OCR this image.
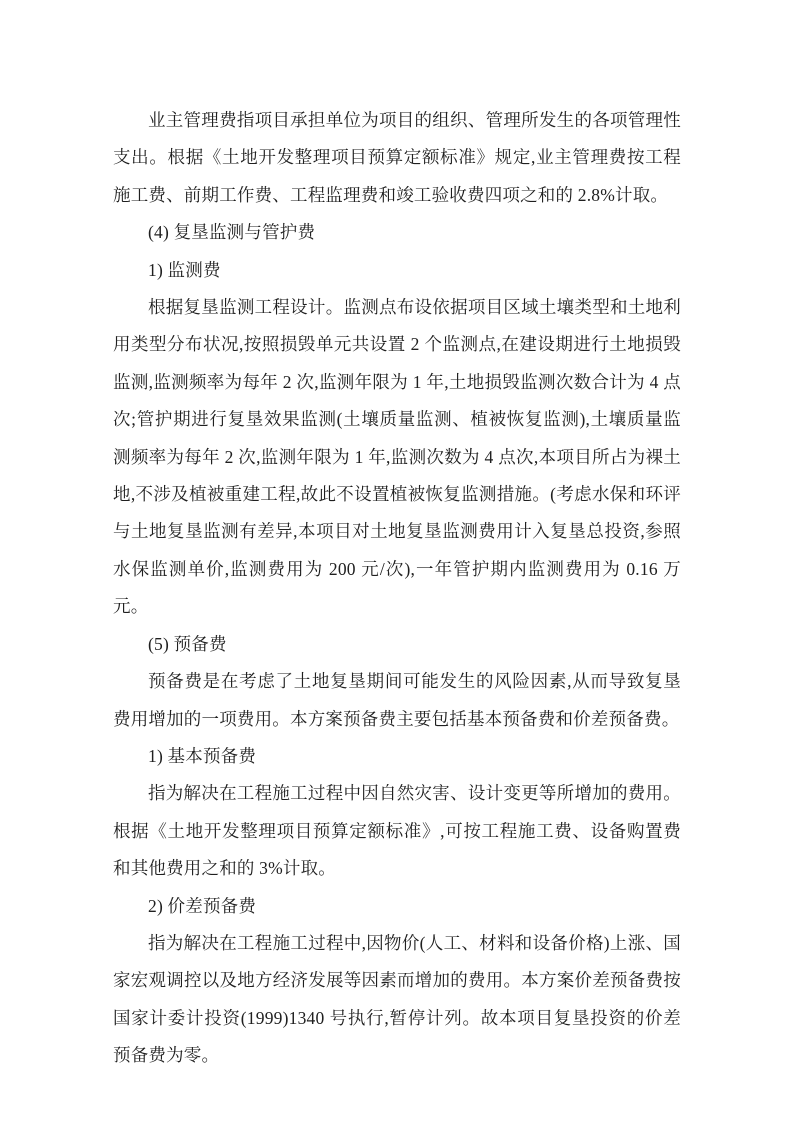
业主管理费指项目承担单位为项目的组织、管理所发生的各项管理性支出。根据《土地开发整理项目预算定额标准》规定,业主管理费按工程施工费、前期工作费、工程监理费和竣工验收费四项之和的 2.8%计取。

(4) 复垦监测与管护费

1) 监测费

根据复垦监测工程设计。监测点布设依据项目区域土壤类型和土地利用类型分布状况,按照损毁单元共设置 2 个监测点,在建设期进行土地损毁监测,监测频率为每年 2 次,监测年限为 1 年,土地损毁监测次数合计为 4 点次;管护期进行复垦效果监测(土壤质量监测、植被恢复监测),土壤质量监测频率为每年 2 次,监测年限为 1 年,监测次数为 4 点次,本项目所占为裸土地,不涉及植被重建工程,故此不设置植被恢复监测措施。(考虑水保和环评与土地复垦监测有差异,本项目对土地复垦监测费用计入复垦总投资,参照水保监测单价,监测费用为 200 元/次),一年管护期内监测费用为 0.16 万元。

(5) 预备费

预备费是在考虑了土地复垦期间可能发生的风险因素,从而导致复垦费用增加的一项费用。本方案预备费主要包括基本预备费和价差预备费。

1) 基本预备费

指为解决在工程施工过程中因自然灾害、设计变更等所增加的费用。根据《土地开发整理项目预算定额标准》,可按工程施工费、设备购置费和其他费用之和的 3%计取。

2) 价差预备费

指为解决在工程施工过程中,因物价(人工、材料和设备价格)上涨、国家宏观调控以及地方经济发展等因素而增加的费用。本方案价差预备费按国家计委计投资(1999)1340 号执行,暂停计列。故本项目复垦投资的价差预备费为零。
